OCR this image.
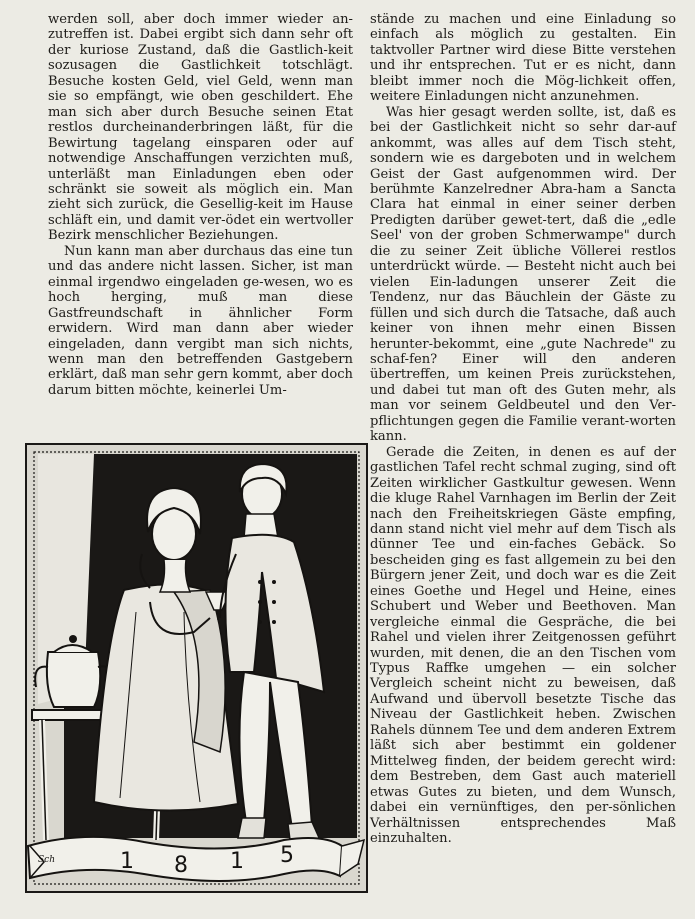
werden soll, aber doch immer wieder an-zutreffen ist. Dabei ergibt sich dann sehr oft der kuriose Zustand, daß die Gastlich-keit sozusagen die Gastlichkeit totschlägt. Besuche kosten Geld, viel Geld, wenn man sie so empfängt, wie oben geschildert. Ehe man sich aber durch Besuche seinen Etat restlos durcheinanderbringen läßt, für die Bewirtung tagelang einsparen oder auf notwendige Anschaffungen verzichten muß, unterläßt man Einladungen eben oder schränkt sie soweit als möglich ein. Man zieht sich zurück, die Gesellig-keit im Hause schläft ein, und damit ver-ödet ein wertvoller Bezirk menschlicher Beziehungen.

Nun kann man aber durchaus das eine tun und das andere nicht lassen. Sicher, ist man einmal irgendwo eingeladen ge-wesen, wo es hoch herging, muß man diese Gastfreundschaft in ähnlicher Form erwidern. Wird man dann aber wieder eingeladen, dann vergibt man sich nichts, wenn man den betreffenden Gastgebern erklärt, daß man sehr gern kommt, aber doch darum bitten möchte, keinerlei Um-

stände zu machen und eine Einladung so einfach als möglich zu gestalten. Ein taktvoller Partner wird diese Bitte verstehen und ihr entsprechen. Tut er es nicht, dann bleibt immer noch die Mög-lichkeit offen, weitere Einladungen nicht anzunehmen.

Was hier gesagt werden sollte, ist, daß es bei der Gastlichkeit nicht so sehr dar-auf ankommt, was alles auf dem Tisch steht, sondern wie es dargeboten und in welchem Geist der Gast aufgenommen wird. Der berühmte Kanzelredner Abra-ham a Sancta Clara hat einmal in einer seiner derben Predigten darüber gewet-tert, daß die „edle Seel' von der groben Schmerwampe" durch die zu seiner Zeit übliche Völlerei restlos unterdrückt würde. — Besteht nicht auch bei vielen Ein-ladungen unserer Zeit die Tendenz, nur das Bäuchlein der Gäste zu füllen und sich durch die Tatsache, daß auch keiner von ihnen mehr einen Bissen herunter-bekommt, eine „gute Nachrede" zu schaf-fen? Einer will den anderen übertreffen, um keinen Preis zurückstehen, und dabei tut man oft des Guten mehr, als man vor seinem Geldbeutel und den Ver-pflichtungen gegen die Familie verant-worten kann.

Gerade die Zeiten, in denen es auf der gastlichen Tafel recht schmal zuging, sind oft Zeiten wirklicher Gastkultur gewesen. Wenn die kluge Rahel Varnhagen im Berlin der Zeit nach den Freiheitskriegen Gäste empfing, dann stand nicht viel mehr auf dem Tisch als dünner Tee und ein-faches Gebäck. So bescheiden ging es fast allgemein zu bei den Bürgern jener Zeit, und doch war es die Zeit eines Goethe und Hegel und Heine, eines Schubert und Weber und Beethoven. Man vergleiche einmal die Gespräche, die bei Rahel und vielen ihrer Zeitgenossen geführt wurden, mit denen, die an den Tischen vom Typus Raffke umgehen — ein solcher Vergleich scheint nicht zu beweisen, daß Aufwand und übervoll besetzte Tische das Niveau der Gastlichkeit heben. Zwischen Rahels dünnem Tee und dem anderen Extrem läßt sich aber bestimmt ein goldener Mittelweg finden, der beidem gerecht wird: dem Bestreben, dem Gast auch materiell etwas Gutes zu bieten, und dem Wunsch, dabei ein vernünftiges, den per-sönlichen Verhältnissen entsprechendes Maß einzuhalten.

1 8 1 5
Sch
